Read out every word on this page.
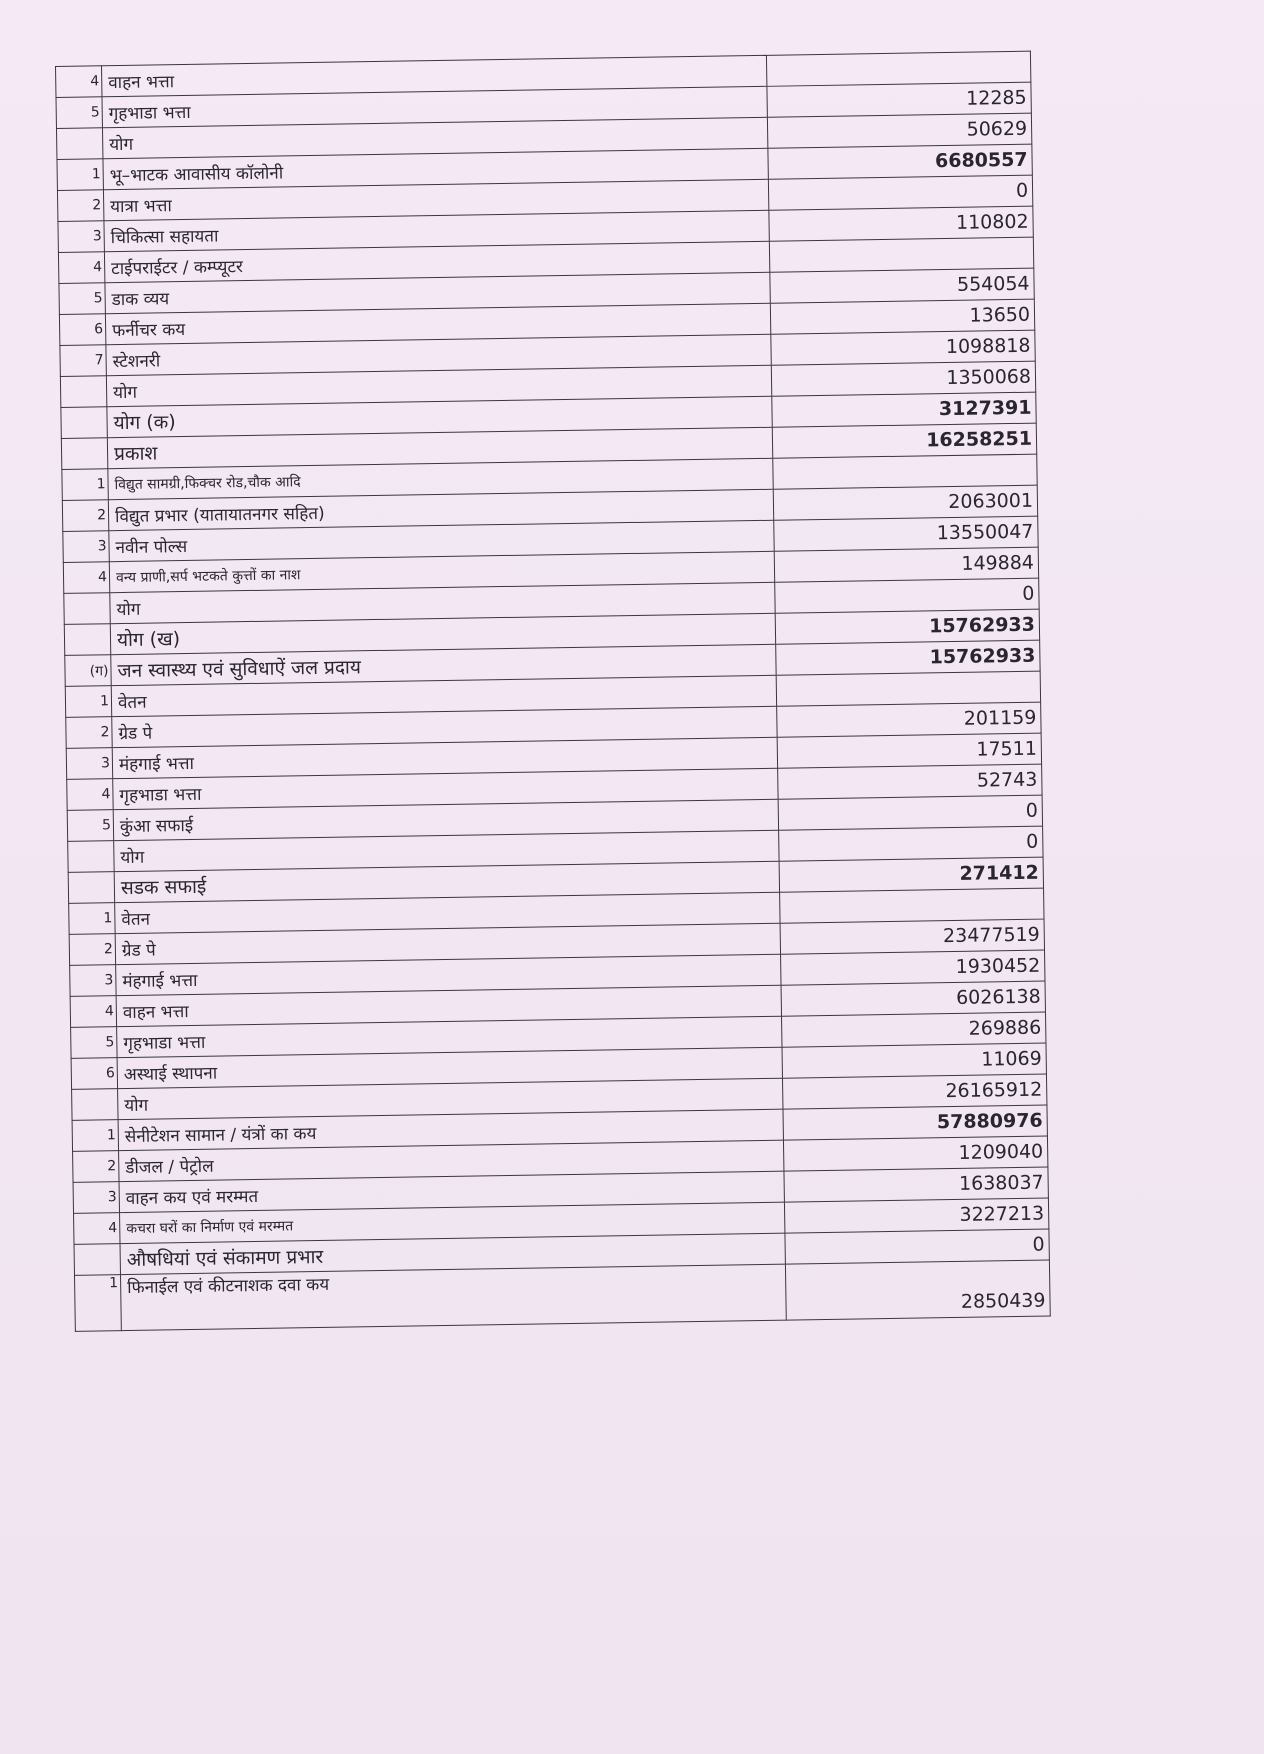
4	वाहन भत्ता	
5	गृहभाडा भत्ता	12285
	योग	50629
1	भू–भाटक आवासीय कॉलोनी	6680557
2	यात्रा भत्ता	0
3	चिकित्सा सहायता	110802
4	टाईपराईटर / कम्प्यूटर	
5	डाक व्यय	554054
6	फर्नीचर कय	13650
7	स्टेशनरी	1098818
	योग	1350068
	योग (क)	3127391
	प्रकाश	16258251
1	विद्युत सामग्री,फिक्चर रोड,चौक आदि	
2	विद्युत प्रभार (यातायातनगर सहित)	2063001
3	नवीन पोल्स	13550047
4	वन्य प्राणी,सर्प भटकते कुत्तों का नाश	149884
	योग	0
	योग (ख)	15762933
(ग)	जन स्वास्थ्य एवं सुविधाऐं जल प्रदाय	15762933
1	वेतन	
2	ग्रेड पे	201159
3	मंहगाई भत्ता	17511
4	गृहभाडा भत्ता	52743
5	कुंआ सफाई	0
	योग	0
	सडक सफाई	271412
1	वेतन	
2	ग्रेड पे	23477519
3	मंहगाई भत्ता	1930452
4	वाहन भत्ता	6026138
5	गृहभाडा भत्ता	269886
6	अस्थाई स्थापना	11069
	योग	26165912
1	सेनीटेशन सामान / यंत्रों का कय	57880976
2	डीजल / पेट्रोल	1209040
3	वाहन कय एवं मरम्मत	1638037
4	कचरा घरों का निर्माण एवं मरम्मत	3227213
	औषधियां एवं संकामण प्रभार	0
1	फिनाईल एवं कीटनाशक दवा कय	2850439
